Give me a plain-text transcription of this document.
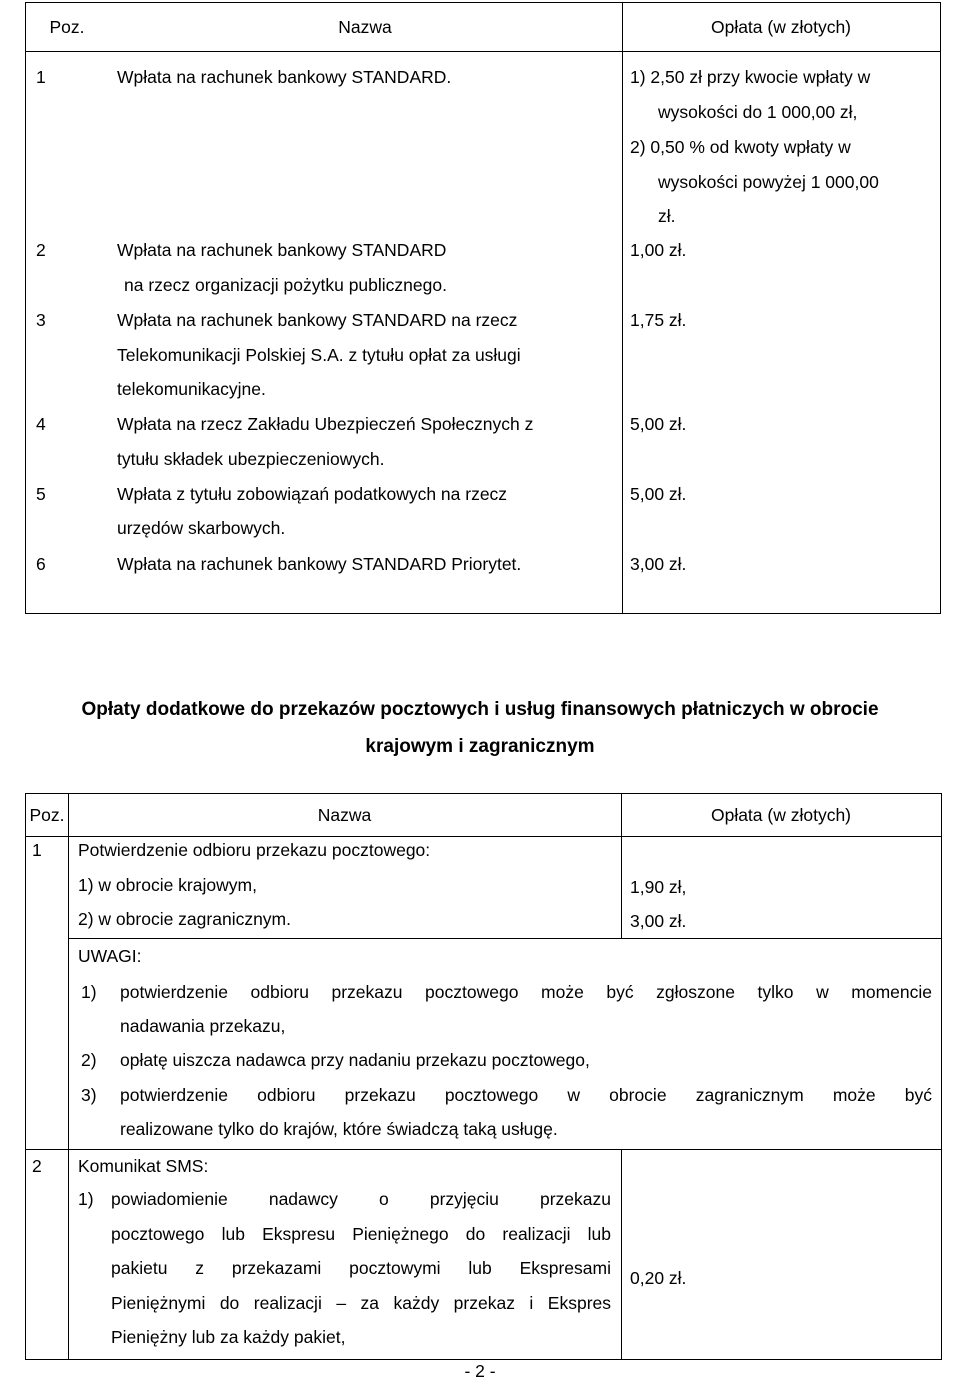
Poz.	Nazwa	Opłata (w złotych)
1	Wpłata na rachunek bankowy STANDARD.	1) 2,50 zł przy kwocie wpłaty w
wysokości do 1 000,00 zł,
2) 0,50 % od kwoty wpłaty w
wysokości powyżej 1 000,00
zł.
2	Wpłata na rachunek bankowy STANDARD
na rzecz organizacji pożytku publicznego.
1,00 zł.
3	Wpłata na rachunek bankowy STANDARD na rzecz
Telekomunikacji Polskiej S.A. z tytułu opłat za usługi
telekomunikacyjne.
1,75 zł.
4	Wpłata na rzecz Zakładu Ubezpieczeń Społecznych z
tytułu składek ubezpieczeniowych.
5,00 zł.
5	Wpłata z tytułu zobowiązań podatkowych na rzecz
urzędów skarbowych.
5,00 zł.
6	Wpłata na rachunek bankowy STANDARD Priorytet.	3,00 zł.
Opłaty dodatkowe do przekazów pocztowych i usług finansowych płatniczych w obrocie
krajowym i zagranicznym
Poz.	Nazwa	Opłata (w złotych)
1 Potwierdzenie odbioru przekazu pocztowego:
1) w obrocie krajowym,
2) w obrocie zagranicznym.
1,90 zł,
3,00 zł.
UWAGI:
1) potwierdzenie odbioru przekazu pocztowego może być zgłoszone tylko w momencie
nadawania przekazu,
2) opłatę uiszcza nadawca przy nadaniu przekazu pocztowego,
3) potwierdzenie odbioru przekazu pocztowego w obrocie zagranicznym może być
realizowane tylko do krajów, które świadczą taką usługę.
2 Komunikat SMS:
1) powiadomienie nadawcy o przyjęciu przekazu
pocztowego lub Ekspresu Pieniężnego do realizacji lub
pakietu z przekazami pocztowymi lub Ekspresami
Pieniężnymi do realizacji – za każdy przekaz i Ekspres
Pieniężny lub za każdy pakiet,
0,20 zł.
- 2 -
